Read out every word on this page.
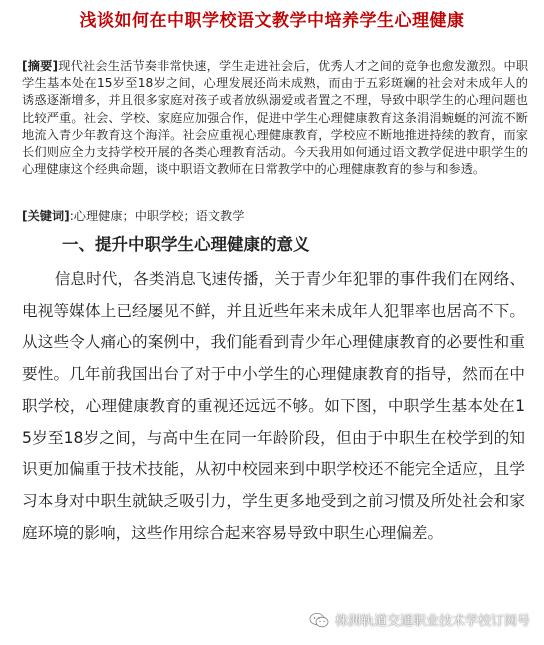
浅谈如何在中职学校语文教学中培养学生心理健康
[摘要]现代社会生活节奏非常快速，学生走进社会后，优秀人才之间的竞争也愈发激烈。中职学生基本处在15岁至18岁之间，心理发展还尚未成熟，而由于五彩斑斓的社会对未成年人的诱惑逐渐增多，并且很多家庭对孩子或者放纵溺爱或者置之不理，导致中职学生的心理问题也比较严重。社会、学校、家庭应加强合作，促进中学生心理健康教育这条涓涓蜿蜒的河流不断地流入青少年教育这个海洋。社会应重视心理健康教育，学校应不断地推进持续的教育，而家长们则应全力支持学校开展的各类心理教育活动。今天我用如何通过语文教学促进中职学生的心理健康这个经典命题，谈中职语文教师在日常教学中的心理健康教育的参与和参透。
[关键词]:心理健康；中职学校；语文教学
一、提升中职学生心理健康的意义
信息时代，各类消息飞速传播，关于青少年犯罪的事件我们在网络、电视等媒体上已经屡见不鲜，并且近些年来未成年人犯罪率也居高不下。从这些令人痛心的案例中，我们能看到青少年心理健康教育的必要性和重要性。几年前我国出台了对于中小学生的心理健康教育的指导，然而在中职学校，心理健康教育的重视还远远不够。如下图，中职学生基本处在15岁至18岁之间，与高中生在同一年龄阶段，但由于中职生在校学到的知识更加偏重于技术技能，从初中校园来到中职学校还不能完全适应，且学习本身对中职生就缺乏吸引力，学生更多地受到之前习惯及所处社会和家庭环境的影响，这些作用综合起来容易导致中职生心理偏差。
株洲轨道交通职业技术学校订阅号
